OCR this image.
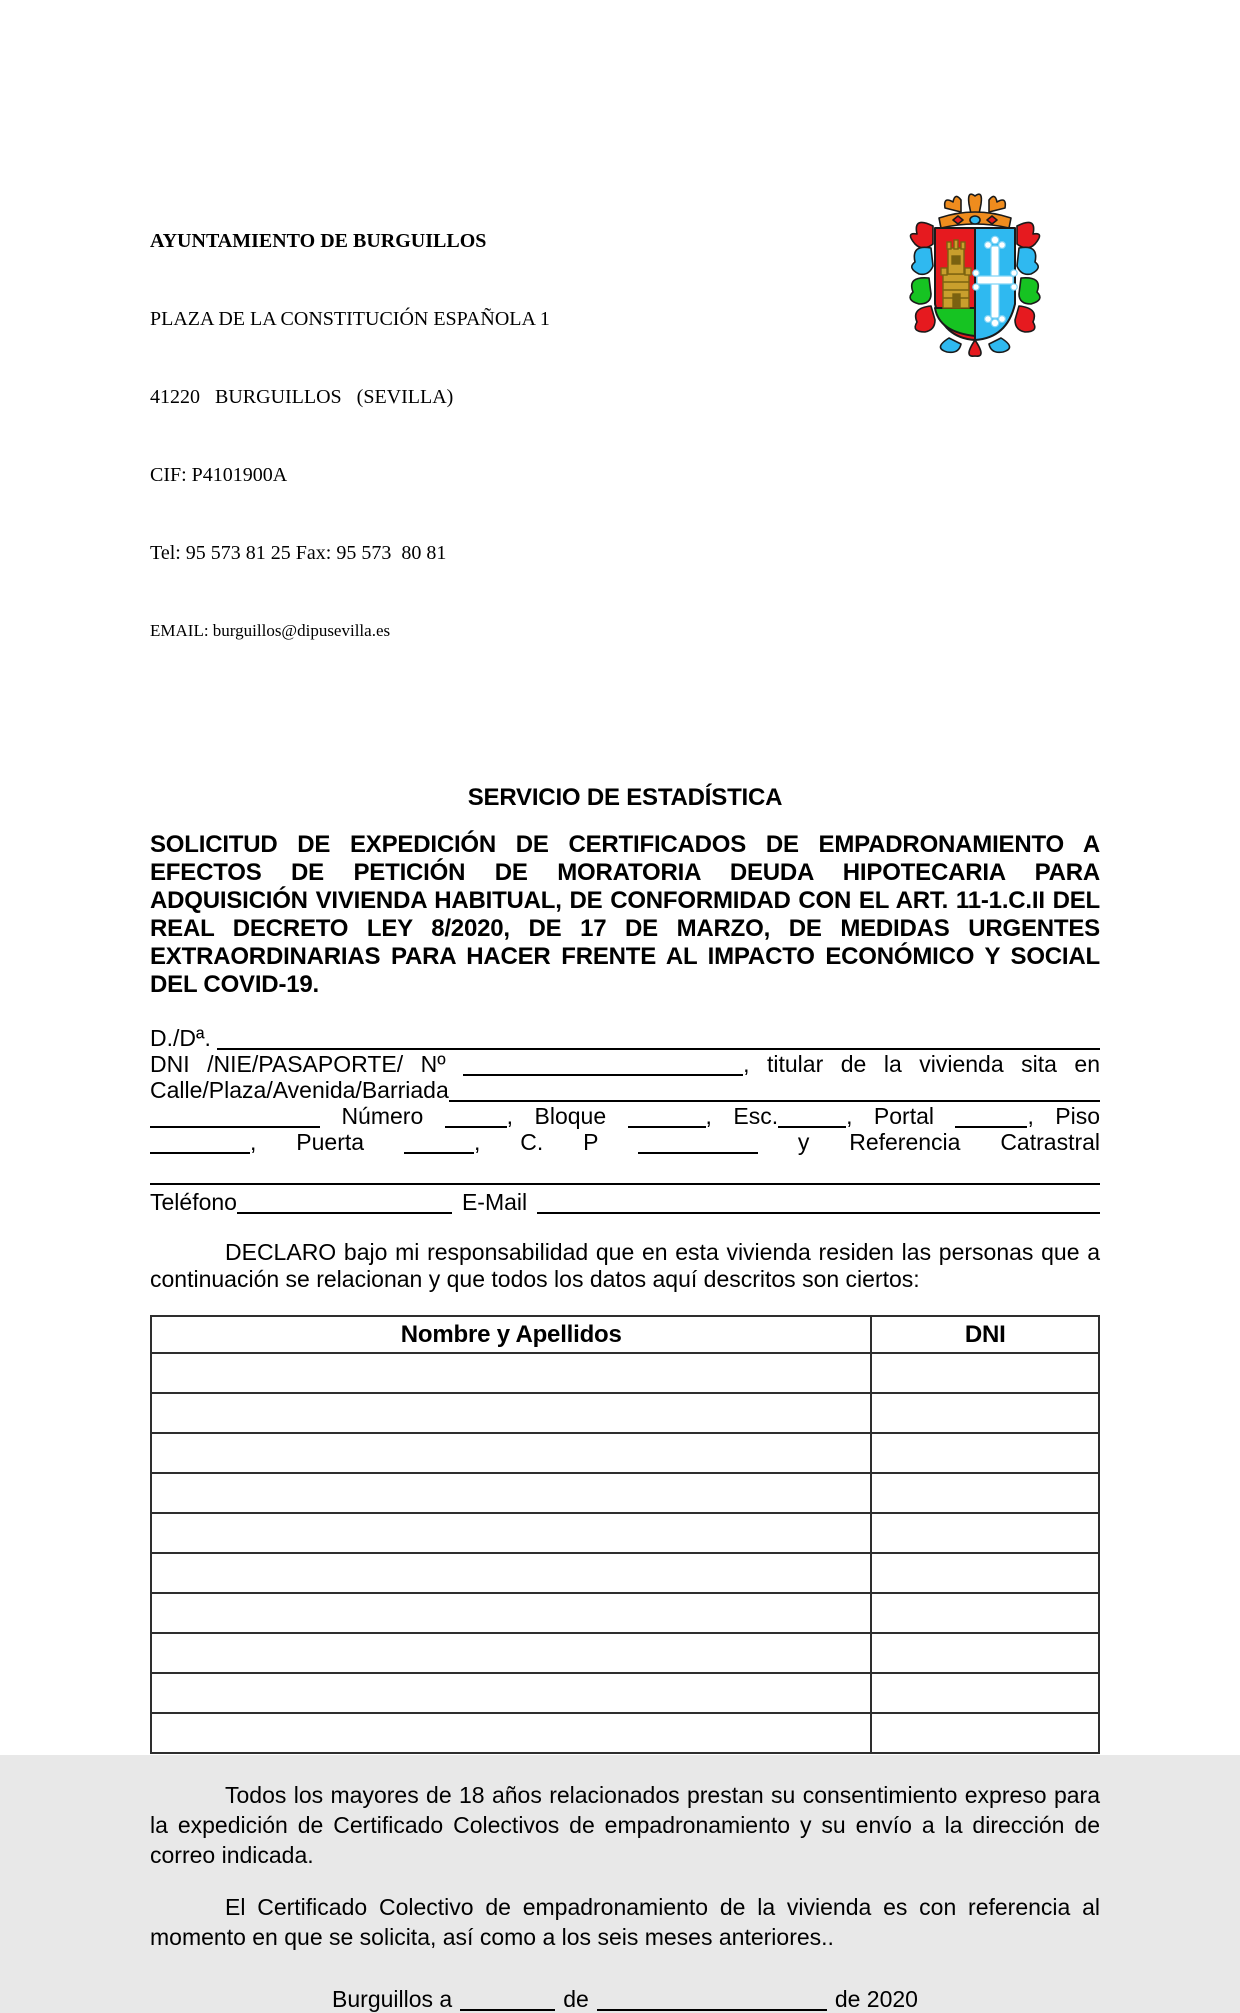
AYUNTAMIENTO DE BURGUILLOS

PLAZA DE LA CONSTITUCIÓN ESPAÑOLA 1

41220   BURGUILLOS   (SEVILLA)

CIF: P4101900A

Tel: 95 573 81 25 Fax: 95 573  80 81

EMAIL: burguillos@dipusevilla.es

SERVICIO DE ESTADÍSTICA

SOLICITUD DE EXPEDICIÓN DE CERTIFICADOS DE EMPADRONAMIENTO A EFECTOS DE PETICIÓN DE MORATORIA DEUDA HIPOTECARIA PARA ADQUISICIÓN VIVIENDA HABITUAL, DE CONFORMIDAD CON EL ART. 11-1.C.II DEL REAL DECRETO LEY 8/2020, DE 17 DE MARZO, DE MEDIDAS URGENTES EXTRAORDINARIAS PARA HACER FRENTE AL IMPACTO ECONÓMICO Y SOCIAL DEL COVID-19.

D./Dª.
DNI /NIE/PASAPORTE/ Nº	, titular de la vivienda sita en
Calle/Plaza/Avenida/Barriada
Número	, Bloque	, Esc.	, Portal	, Piso
, Puerta	, C. P	y Referencia Catrastral
Teléfono	E-Mail

DECLARO bajo mi responsabilidad que en esta vivienda residen las personas que a continuación se relacionan y que todos los datos aquí descritos son ciertos:

Nombre y Apellidos	DNI

Todos los mayores de 18 años relacionados prestan su consentimiento expreso para la expedición de Certificado Colectivos de empadronamiento y su envío a la dirección de correo indicada.

El Certificado Colectivo de empadronamiento de la vivienda es con referencia al momento en que se solicita, así como a los seis meses anteriores..

Burguillos a	de	de 2020
